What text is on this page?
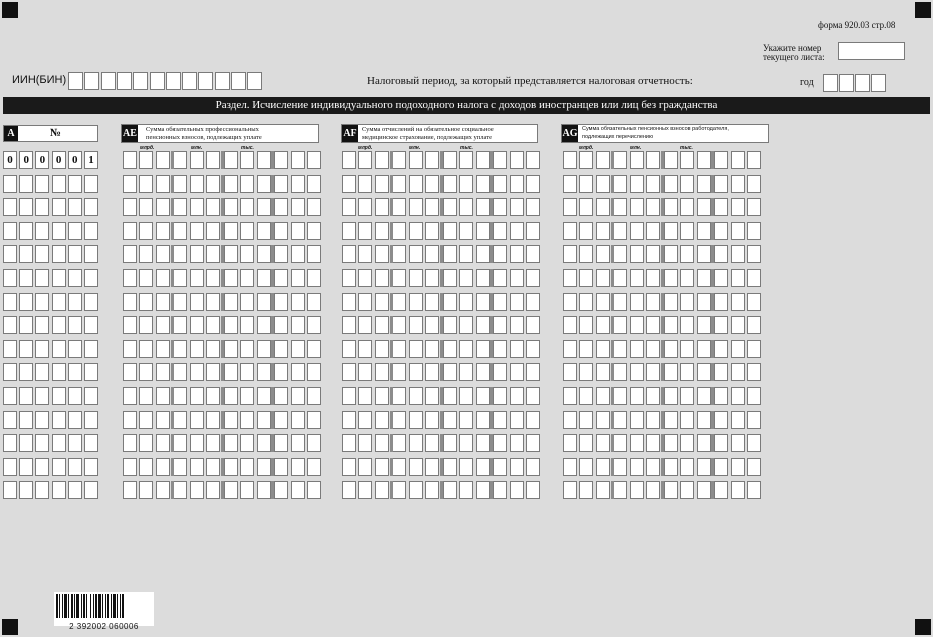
форма 920.03 стр.08
Укажите номер
текущего листа:
ИИН(БИН)	Налоговый период, за который представляется налоговая отчетность:	год
Раздел. Исчисление индивидуального подоходного налога с доходов иностранцев или лиц без гражданства
A	№	AE Сумма обязательных профессиональных
пенсионных взносов, подлежащих уплате	AF Сумма отчислений на обязательное социальное
медицинское страхование, подлежащих уплате	AG Сумма обязательных пенсионных взносов работодателя,
подлежащих перечислению
млрд.	млн.	тыс.	млрд.	млн.	тыс.	млрд.	млн.	тыс.
0 0 0 0 0 1
2 392002 060006
